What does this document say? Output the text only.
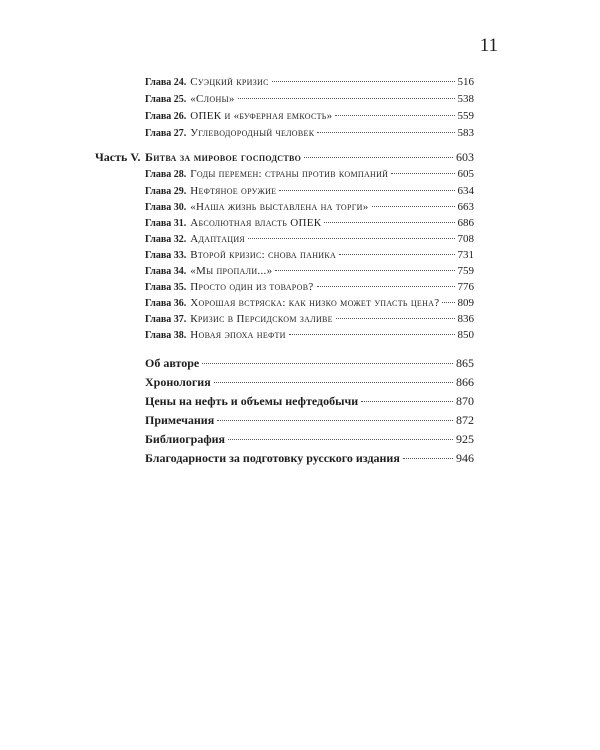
11
Глава 24. Суэцкий кризис	516
Глава 25. «Слоны»	538
Глава 26. ОПЕК и «буферная емкость»	559
Глава 27. Углеводородный человек	583
Часть V. Битва за мировое господство	603
Глава 28. Годы перемен: страны против компаний	605
Глава 29. Нефтяное оружие	634
Глава 30. «Наша жизнь выставлена на торги»	663
Глава 31. Абсолютная власть ОПЕК	686
Глава 32. Адаптация	708
Глава 33. Второй кризис: снова паника	731
Глава 34. «Мы пропали...»	759
Глава 35. Просто один из товаров?	776
Глава 36. Хорошая встряска: как низко может упасть цена? 809
Глава 37. Кризис в Персидском заливе	836
Глава 38. Новая эпоха нефти	850
Об авторе	865
Хронология	866
Цены на нефть и объемы нефтедобычи	870
Примечания	872
Библиография	925
Благодарности за подготовку русского издания	946
